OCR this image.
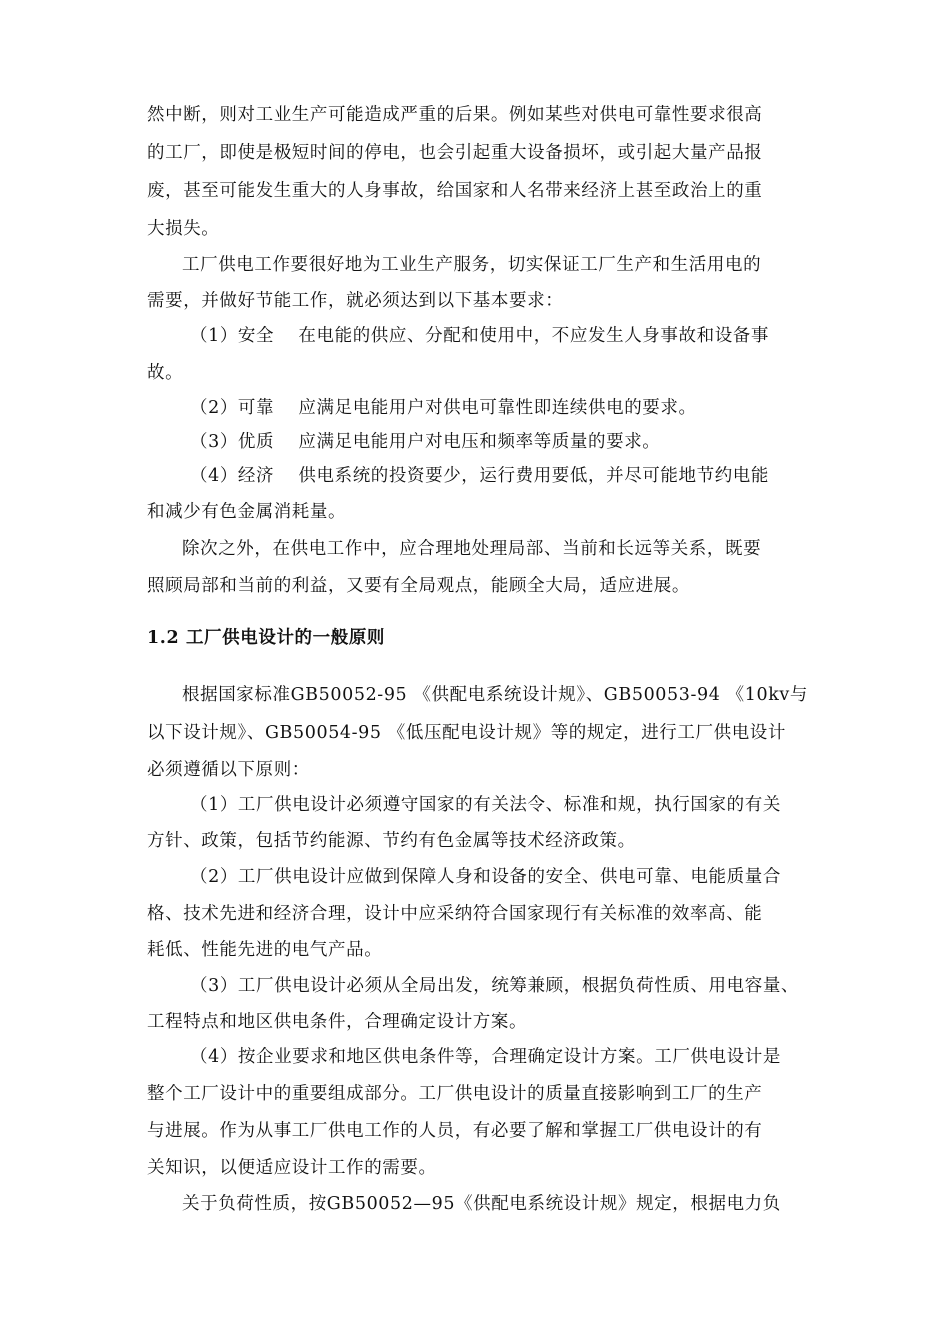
然中断，则对工业生产可能造成严重的后果。例如某些对供电可靠性要求很高
的工厂，即使是极短时间的停电，也会引起重大设备损坏，或引起大量产品报
废，甚至可能发生重大的人身事故，给国家和人名带来经济上甚至政治上的重
大损失。
工厂供电工作要很好地为工业生产服务，切实保证工厂生产和生活用电的
需要，并做好节能工作，就必须达到以下基本要求：
（1）安全　 在电能的供应、分配和使用中，不应发生人身事故和设备事
故。
（2）可靠　 应满足电能用户对供电可靠性即连续供电的要求。
（3）优质　 应满足电能用户对电压和频率等质量的要求。
（4）经济　 供电系统的投资要少，运行费用要低，并尽可能地节约电能
和减少有色金属消耗量。
除次之外，在供电工作中，应合理地处理局部、当前和长远等关系，既要
照顾局部和当前的利益，又要有全局观点，能顾全大局，适应进展。
1.2 工厂供电设计的一般原则
根据国家标准GB50052-95 《供配电系统设计规》、GB50053-94 《10kv与
以下设计规》、GB50054-95 《低压配电设计规》等的规定，进行工厂供电设计
必须遵循以下原则：
（1）工厂供电设计必须遵守国家的有关法令、标准和规，执行国家的有关
方针、政策，包括节约能源、节约有色金属等技术经济政策。
（2）工厂供电设计应做到保障人身和设备的安全、供电可靠、电能质量合
格、技术先进和经济合理，设计中应采纳符合国家现行有关标准的效率高、能
耗低、性能先进的电气产品。
（3）工厂供电设计必须从全局出发，统筹兼顾，根据负荷性质、用电容量、
工程特点和地区供电条件，合理确定设计方案。
（4）按企业要求和地区供电条件等，合理确定设计方案。工厂供电设计是
整个工厂设计中的重要组成部分。工厂供电设计的质量直接影响到工厂的生产
与进展。作为从事工厂供电工作的人员，有必要了解和掌握工厂供电设计的有
关知识，以便适应设计工作的需要。
关于负荷性质，按GB50052—95《供配电系统设计规》规定，根据电力负
